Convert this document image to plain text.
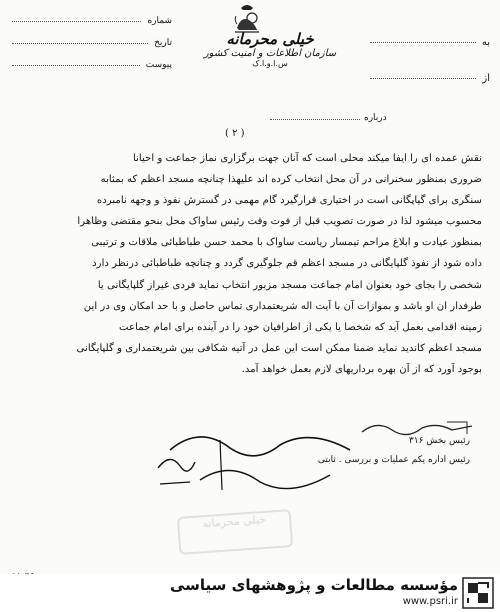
شماره
تاریخ
پیوست
خیلی محرمانه
سازمان اطلاعات و امنیت کشور
س.ا.و.ا.ک
به
از
درباره
( ۲ )

نقش عمده ای را ایفا میکند محلی است که آنان جهت برگزاری نماز جماعت و احیانا

ضروری بمنظور سخنرانی در آن محل انتخاب کرده اند علیهذا چنانچه مسجد اعظم که بمثابه

سنگری برای گیاپگانی است در اختیاری قرارگیرد گام مهمی در گسترش نفوذ و وجهه نامبرده

محسوب میشود لذا در صورت تصویب قبل از فوت وقت رئیس ساواک محل بنحو مقتضی وظاهرا

بمنظور عیادت و ابلاغ مراحم تیمسار ریاست ساواک با محمد حسن طباطبائی ملاقات و ترتیبی

داده شود از نفوذ گلپایگانی در مسجد اعظم قم جلوگیری گردد و چنانچه طباطبائی درنظر دارد

شخصی را بجای خود بعنوان امام جماعت مسجد مزبور انتخاب نماید فردی غیراز گلپایگانی یا

طرفدار ان او باشد و بموازات آن با آیت اله شریعتمداری تماس حاصل و با حد امکان وی در این

زمینه اقدامی بعمل آید که شخصا یا یکی از اطرافیان خود را در آینده برای امام جماعت

مسجد اعظم کاندید نماید ضمنا ممکن است این عمل در آتیه شکافی بین شریعتمداری و گلپایگانی

بوجود آورد که از آن بهره برداریهای لازم بعمل خواهد آمد.

رئیس بخش ۳۱۶
رئیس اداره یکم عملیات و بررسی . ثابتی
خیلی محرمانه
مؤسسه مطالعات و پژوهشهای سیاسی
www.psri.ir
